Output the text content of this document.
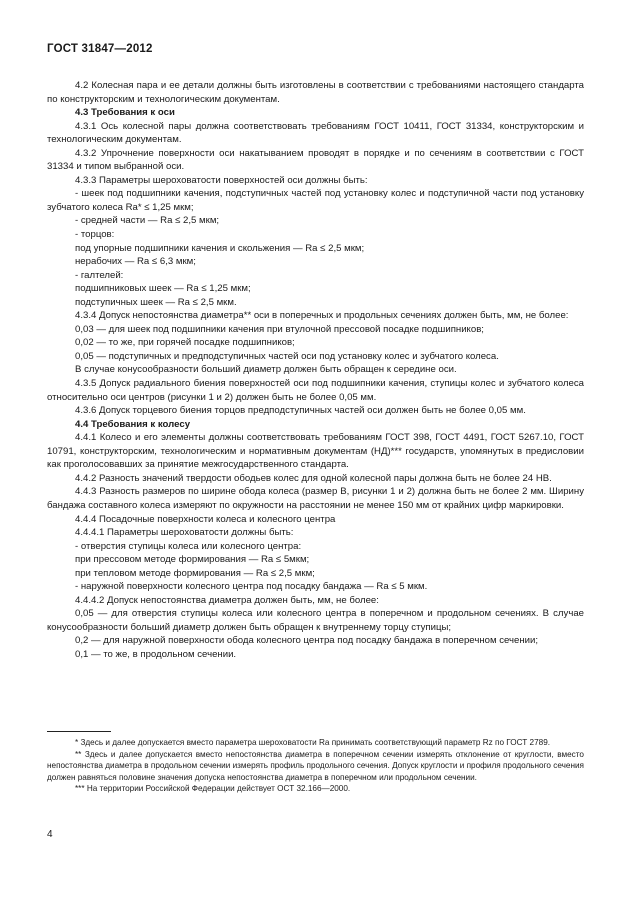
ГОСТ 31847—2012

4.2 Колесная пара и ее детали должны быть изготовлены в соответствии с требованиями настоящего стандарта по конструкторским и технологическим документам.

4.3 Требования к оси

4.3.1 Ось колесной пары должна соответствовать требованиям ГОСТ 10411, ГОСТ 31334, конструкторским и технологическим документам.

4.3.2 Упрочнение поверхности оси накатыванием проводят в порядке и по сечениям в соответствии с ГОСТ 31334 и типом выбранной оси.

4.3.3 Параметры шероховатости поверхностей оси должны быть:

- шеек под подшипники качения, подступичных частей под установку колес и подступичной части под установку зубчатого колеса Ra* ≤ 1,25 мкм;

- средней части — Ra ≤ 2,5 мкм;

- торцов:

под упорные подшипники качения и скольжения — Ra ≤ 2,5 мкм;

нерабочих — Ra ≤ 6,3 мкм;

- галтелей:

подшипниковых шеек — Ra ≤ 1,25 мкм;

подступичных шеек — Ra ≤ 2,5 мкм.

4.3.4 Допуск непостоянства диаметра** оси в поперечных и продольных сечениях должен быть, мм, не более:

0,03 — для шеек под подшипники качения при втулочной прессовой посадке подшипников;

0,02 — то же, при горячей посадке подшипников;

0,05 — подступичных и предподступичных частей оси под установку колес и зубчатого колеса.

В случае конусообразности больший диаметр должен быть обращен к середине оси.

4.3.5 Допуск радиального биения поверхностей оси под подшипники качения, ступицы колес и зубчатого колеса относительно оси центров (рисунки 1 и 2) должен быть не более 0,05 мм.

4.3.6 Допуск торцевого биения торцов предподступичных частей оси должен быть не более 0,05 мм.

4.4 Требования к колесу

4.4.1 Колесо и его элементы должны соответствовать требованиям ГОСТ 398, ГОСТ 4491, ГОСТ 5267.10, ГОСТ 10791, конструкторским, технологическим и нормативным документам (НД)*** государств, упомянутых в предисловии как проголосовавших за принятие межгосударственного стандарта.

4.4.2 Разность значений твердости ободьев колес для одной колесной пары должна быть не более 24 НВ.

4.4.3 Разность размеров по ширине обода колеса (размер В, рисунки 1 и 2) должна быть не более 2 мм. Ширину бандажа составного колеса измеряют по окружности на расстоянии не менее 150 мм от крайних цифр маркировки.

4.4.4 Посадочные поверхности колеса и колесного центра

4.4.4.1 Параметры шероховатости должны быть:

- отверстия ступицы колеса или колесного центра:

при прессовом методе формирования — Ra ≤ 5мкм;

при тепловом методе формирования — Ra ≤ 2,5 мкм;

- наружной поверхности колесного центра под посадку бандажа — Ra ≤ 5 мкм.

4.4.4.2 Допуск непостоянства диаметра должен быть, мм, не более:

0,05 — для отверстия ступицы колеса или колесного центра в поперечном и продольном сечениях. В случае конусообразности больший диаметр должен быть обращен к внутреннему торцу ступицы;

0,2 — для наружной поверхности обода колесного центра под посадку бандажа в поперечном сечении;

0,1 — то же, в продольном сечении.

* Здесь и далее допускается вместо параметра шероховатости Ra принимать соответствующий параметр Rz по ГОСТ 2789.

** Здесь и далее допускается вместо непостоянства диаметра в поперечном сечении измерять отклонение от круглости, вместо непостоянства диаметра в продольном сечении измерять профиль продольного сечения. Допуск круглости и профиля продольного сечения должен равняться половине значения допуска непостоянства диаметра в поперечном или продольном сечении.

*** На территории Российской Федерации действует ОСТ 32.166—2000.

4
